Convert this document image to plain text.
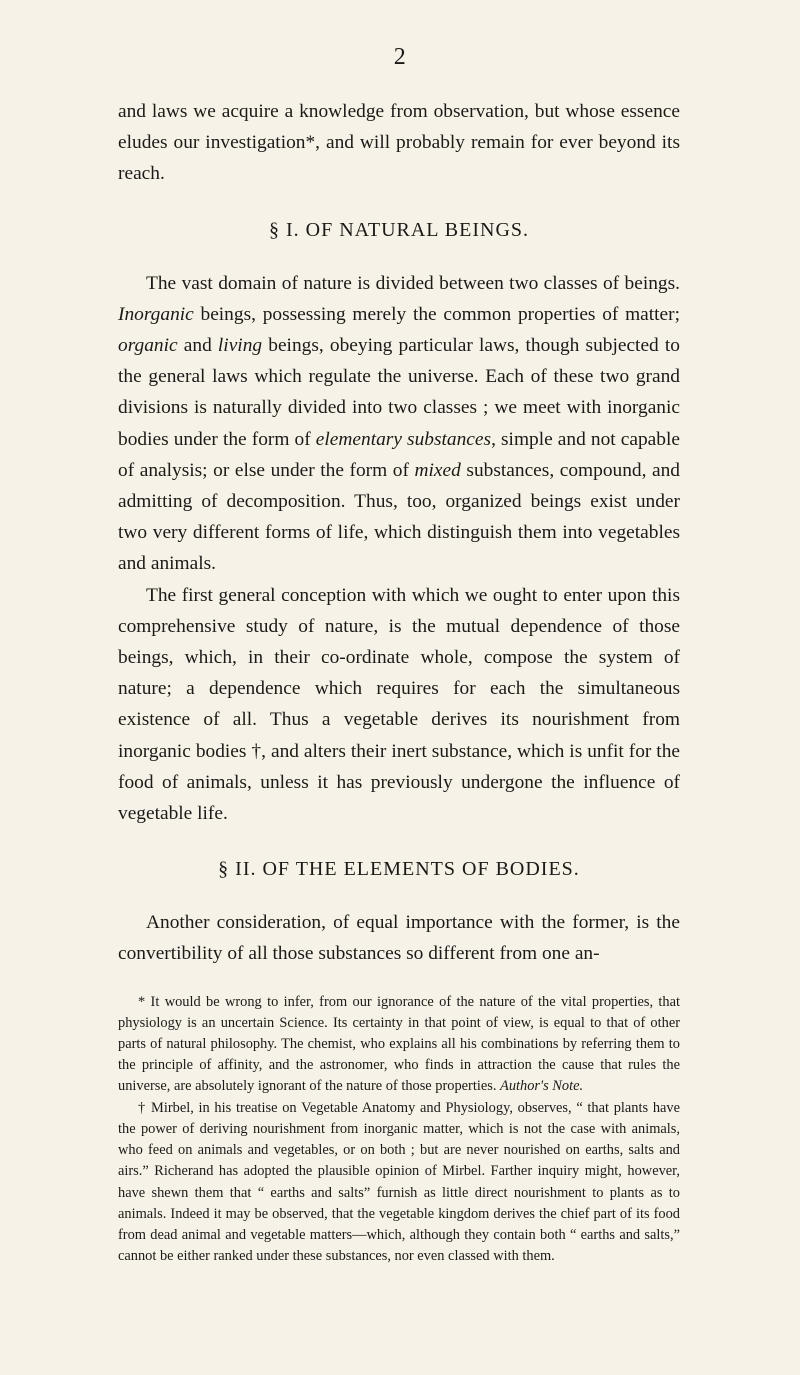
2

and laws we acquire a knowledge from observation, but whose essence eludes our investigation*, and will probably remain for ever beyond its reach.

§ I. OF NATURAL BEINGS.

The vast domain of nature is divided between two classes of beings. Inorganic beings, possessing merely the common properties of matter; organic and living beings, obeying particular laws, though subjected to the general laws which regulate the universe. Each of these two grand divisions is naturally divided into two classes ; we meet with inorganic bodies under the form of elementary substances, simple and not capable of analysis; or else under the form of mixed substances, compound, and admitting of decomposition. Thus, too, organized beings exist under two very different forms of life, which distinguish them into vegetables and animals.

The first general conception with which we ought to enter upon this comprehensive study of nature, is the mutual dependence of those beings, which, in their co-ordinate whole, compose the system of nature; a dependence which requires for each the simultaneous existence of all. Thus a vegetable derives its nourishment from inorganic bodies †, and alters their inert substance, which is unfit for the food of animals, unless it has previously undergone the influence of vegetable life.

§ II. OF THE ELEMENTS OF BODIES.

Another consideration, of equal importance with the former, is the convertibility of all those substances so different from one an-

* It would be wrong to infer, from our ignorance of the nature of the vital properties, that physiology is an uncertain Science. Its certainty in that point of view, is equal to that of other parts of natural philosophy. The chemist, who explains all his combinations by referring them to the principle of affinity, and the astronomer, who finds in attraction the cause that rules the universe, are absolutely ignorant of the nature of those properties. Author's Note.

† Mirbel, in his treatise on Vegetable Anatomy and Physiology, observes, “ that plants have the power of deriving nourishment from inorganic matter, which is not the case with animals, who feed on animals and vegetables, or on both ; but are never nourished on earths, salts and airs.” Richerand has adopted the plausible opinion of Mirbel. Farther inquiry might, however, have shewn them that “ earths and salts” furnish as little direct nourishment to plants as to animals. Indeed it may be observed, that the vegetable kingdom derives the chief part of its food from dead animal and vegetable matters—which, although they contain both “ earths and salts,” cannot be either ranked under these substances, nor even classed with them.
